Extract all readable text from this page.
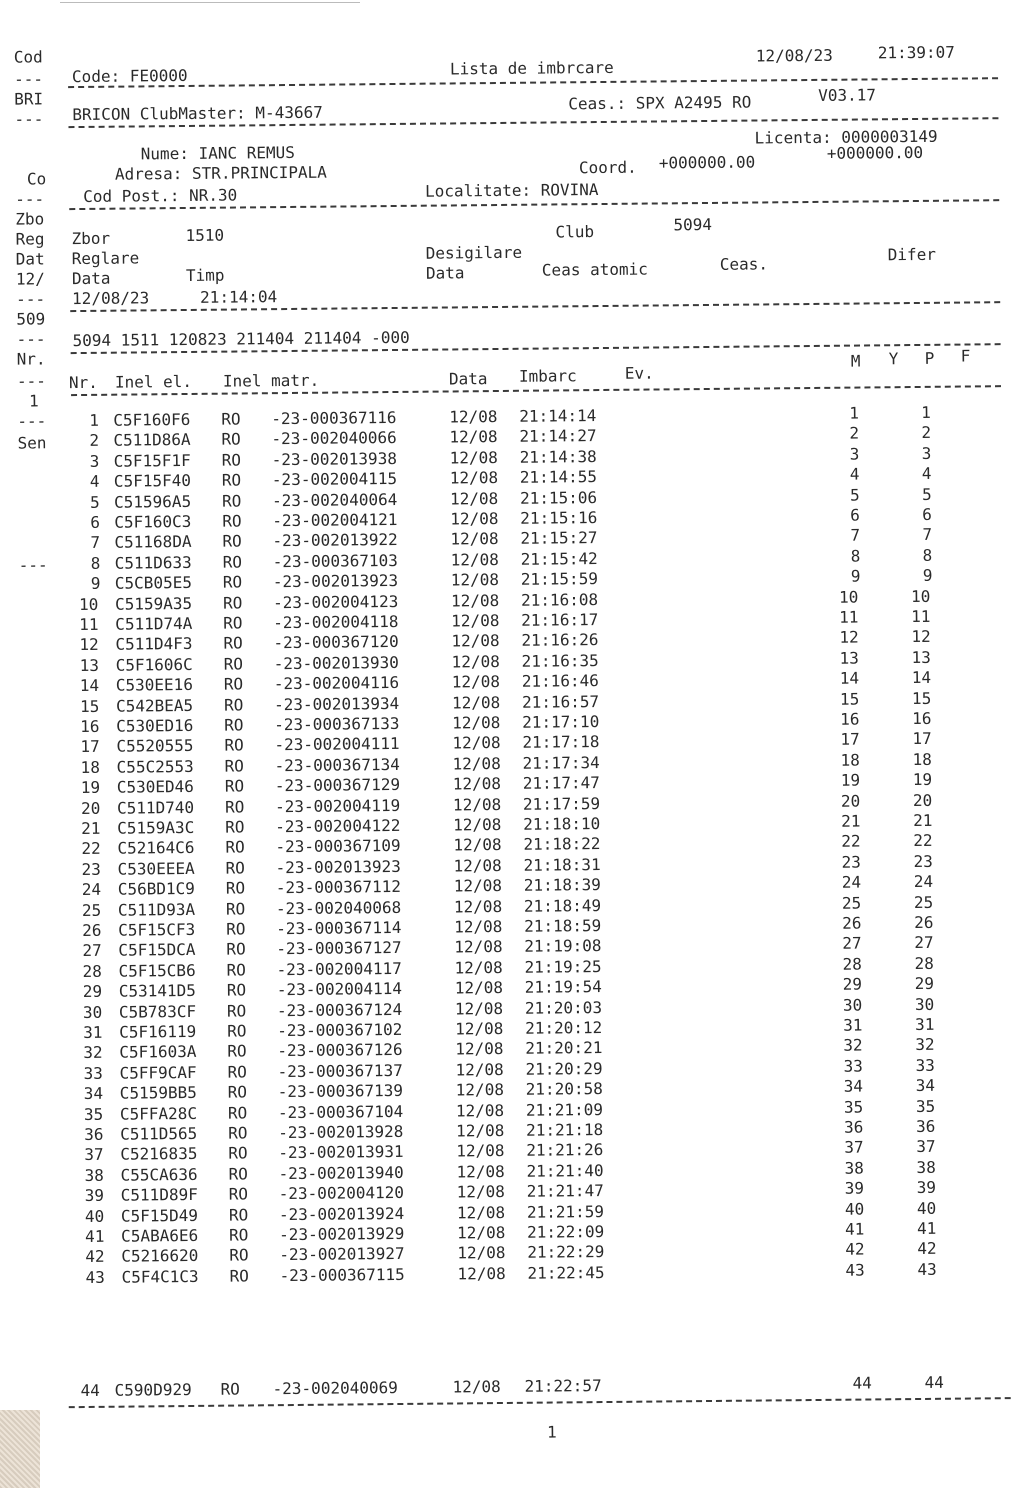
Cod
---
BRI
---
Co
---
Zbo
Reg
Dat
12/
---
509
---
Nr.
---
1
---
Sen
---
Code: FE0000	Lista de imbrcare
12/08/23	21:39:07
BRICON ClubMaster: M-43667	Ceas.: SPX A2495 RO	V03.17
Licenta: 0000003149
Nume: IANC REMUS
Adresa: STR.PRINCIPALA	Coord. +000000.00	+000000.00
Cod Post.: NR.30	Localitate: ROVINA
Zbor	1510	Club	5094
Reglare	Desigilare	Difer
Data	Timp	Data	Ceas atomic	Ceas.
12/08/23	21:14:04
5094 1511 120823 211404 211404 -000
Nr. Inel el. Inel matr.	Data Imbarc	Ev.
M Y P F
1 C5F160F6 RO -23-000367116	12/08 21:14:14	1	1
2 C511D86A RO -23-002040066	12/08 21:14:27	2	2
3 C5F15F1F RO -23-002013938	12/08 21:14:38	3	3
4 C5F15F40 RO -23-002004115	12/08 21:14:55	4	4
5 C51596A5 RO -23-002040064	12/08 21:15:06	5	5
6 C5F160C3 RO -23-002004121	12/08 21:15:16	6	6
7 C51168DA RO -23-002013922	12/08 21:15:27	7	7
8 C511D633 RO -23-000367103	12/08 21:15:42	8	8
9 C5CB05E5 RO -23-002013923	12/08 21:15:59	9	9
10 C5159A35 RO -23-002004123	12/08 21:16:08	10	10
11 C511D74A RO -23-002004118	12/08 21:16:17	11	11
12 C511D4F3 RO -23-000367120	12/08 21:16:26	12	12
13 C5F1606C RO -23-002013930	12/08 21:16:35	13	13
14 C530EE16 RO -23-002004116	12/08 21:16:46	14	14
15 C542BEA5 RO -23-002013934	12/08 21:16:57	15	15
16 C530ED16 RO -23-000367133	12/08 21:17:10	16	16
17 C5520555 RO -23-002004111	12/08 21:17:18	17	17
18 C55C2553 RO -23-000367134	12/08 21:17:34	18	18
19 C530ED46 RO -23-000367129	12/08 21:17:47	19	19
20 C511D740 RO -23-002004119	12/08 21:17:59	20	20
21 C5159A3C RO -23-002004122	12/08 21:18:10	21	21
22 C52164C6 RO -23-000367109	12/08 21:18:22	22	22
23 C530EEEA RO -23-002013923	12/08 21:18:31	23	23
24 C56BD1C9 RO -23-000367112	12/08 21:18:39	24	24
25 C511D93A RO -23-002040068	12/08 21:18:49	25	25
26 C5F15CF3 RO -23-000367114	12/08 21:18:59	26	26
27 C5F15DCA RO -23-000367127	12/08 21:19:08	27	27
28 C5F15CB6 RO -23-002004117	12/08 21:19:25	28	28
29 C53141D5 RO -23-002004114	12/08 21:19:54	29	29
30 C5B783CF RO -23-000367124	12/08 21:20:03	30	30
31 C5F16119 RO -23-000367102	12/08 21:20:12	31	31
32 C5F1603A RO -23-000367126	12/08 21:20:21	32	32
33 C5FF9CAF RO -23-000367137	12/08 21:20:29	33	33
34 C5159BB5 RO -23-000367139	12/08 21:20:58	34	34
35 C5FFA28C RO -23-000367104	12/08 21:21:09	35	35
36 C511D565 RO -23-002013928	12/08 21:21:18	36	36
37 C5216835 RO -23-002013931	12/08 21:21:26	37	37
38 C55CA636 RO -23-002013940	12/08 21:21:40	38	38
39 C511D89F RO -23-002004120	12/08 21:21:47	39	39
40 C5F15D49 RO -23-002013924	12/08 21:21:59	40	40
41 C5ABA6E6 RO -23-002013929	12/08 21:22:09	41	41
42 C5216620 RO -23-002013927	12/08 21:22:29	42	42
43 C5F4C1C3 RO -23-000367115	12/08 21:22:45	43	43
44 C590D929 RO -23-002040069	12/08 21:22:57	44	44
1
